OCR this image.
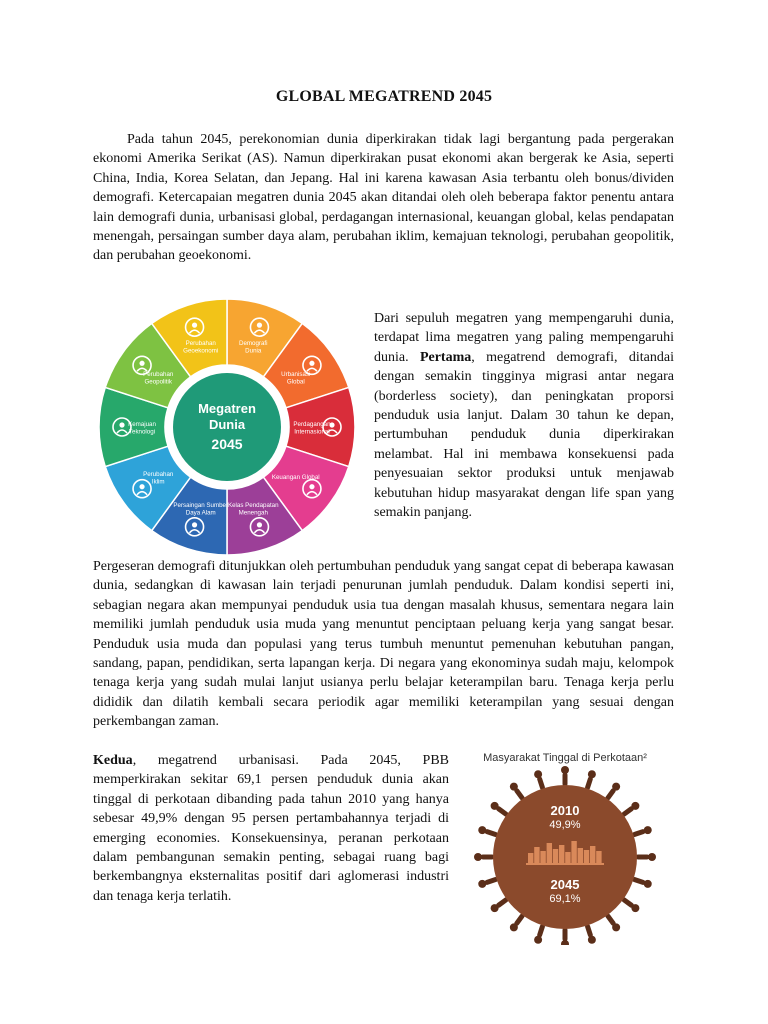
GLOBAL MEGATREND 2045

Pada tahun 2045, perekonomian dunia diperkirakan tidak lagi bergantung pada pergerakan ekonomi Amerika Serikat (AS). Namun diperkirakan pusat ekonomi akan bergerak ke Asia, seperti China, India, Korea Selatan, dan Jepang. Hal ini karena kawasan Asia terbantu oleh bonus/dividen demografi. Ketercapaian megatren dunia 2045 akan ditandai oleh oleh beberapa faktor penentu antara lain demografi dunia, urbanisasi global, perdagangan internasional, keuangan global, kelas pendapatan menengah, persaingan sumber daya alam, perubahan iklim, kemajuan teknologi, perubahan geopolitik, dan perubahan geoekonomi.

Demografi
Dunia
Urbanisasi
Global
Perdagangan
Internasional
Keuangan Global
Kelas Pendapatan
Menengah
Persaingan Sumber
Daya Alam
Perubahan
Iklim
Kemajuan
Teknologi
Perubahan
Geopolitik
Perubahan
Geoekonomi
Megatren
Dunia
2045

Dari sepuluh megatren yang mempengaruhi dunia, terdapat lima megatren yang paling mempengaruhi dunia. Pertama, megatrend demografi, ditandai dengan semakin tingginya migrasi antar negara (borderless society), dan peningkatan proporsi penduduk usia lanjut. Dalam 30 tahun ke depan, pertumbuhan penduduk dunia diperkirakan melambat. Hal ini membawa konsekuensi pada penyesuaian sektor produksi untuk menjawab kebutuhan hidup masyarakat dengan life span yang semakin panjang.

Pergeseran demografi ditunjukkan oleh pertumbuhan penduduk yang sangat cepat di beberapa kawasan dunia, sedangkan di kawasan lain terjadi penurunan jumlah penduduk. Dalam kondisi seperti ini, sebagian negara akan mempunyai penduduk usia tua dengan masalah khusus, sementara negara lain memiliki jumlah penduduk usia muda yang menuntut penciptaan peluang kerja yang sangat besar. Penduduk usia muda dan populasi yang terus tumbuh menuntut pemenuhan kebutuhan pangan, sandang, papan, pendidikan, serta lapangan kerja. Di negara yang ekonominya sudah maju, kelompok tenaga kerja yang sudah mulai lanjut usianya perlu belajar keterampilan baru. Tenaga kerja perlu dididik dan dilatih kembali secara periodik agar memiliki keterampilan yang sesuai dengan perkembangan zaman.

Kedua, megatrend urbanisasi. Pada 2045, PBB memperkirakan sekitar 69,1 persen penduduk dunia akan tinggal di perkotaan dibanding pada tahun 2010 yang hanya sebesar 49,9% dengan 95 persen pertambahannya terjadi di emerging economies. Konsekuensinya, peranan perkotaan dalam pembangunan semakin penting, sebagai ruang bagi berkembangnya eksternalitas positif dari aglomerasi industri dan tenaga kerja terlatih.

Masyarakat Tinggal di Perkotaan²
2010
49,9%
2045
69,1%
